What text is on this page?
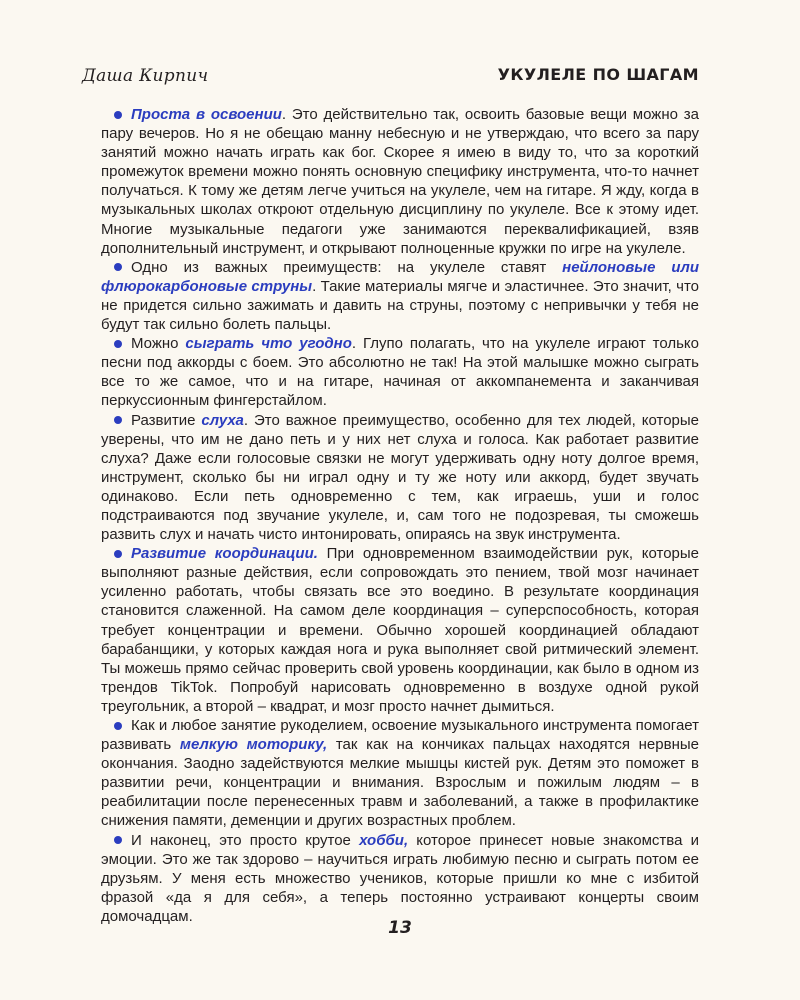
Даша Кирпич	УКУЛЕЛЕ ПО ШАГАМ

Проста в освоении. Это действительно так, освоить базовые вещи можно за пару вечеров. Но я не обещаю манну небесную и не утверждаю, что всего за пару занятий можно начать играть как бог. Скорее я имею в виду то, что за короткий промежуток времени можно понять основную специфику инструмента, что-то начнет получаться. К тому же детям легче учиться на укулеле, чем на гитаре. Я жду, когда в музыкальных школах откроют отдельную дисциплину по укулеле. Все к этому идет. Многие музыкальные педагоги уже занимаются переквалификацией, взяв дополнительный инструмент, и открывают полноценные кружки по игре на укулеле.

Одно из важных преимуществ: на укулеле ставят нейлоновые или флюрокарбоновые струны. Такие материалы мягче и эластичнее. Это значит, что не придется сильно зажимать и давить на струны, поэтому с непривычки у тебя не будут так сильно болеть пальцы.

Можно сыграть что угодно. Глупо полагать, что на укулеле играют только песни под аккорды с боем. Это абсолютно не так! На этой малышке можно сыграть все то же самое, что и на гитаре, начиная от аккомпанемента и заканчивая перкуссионным фингерстайлом.

Развитие слуха. Это важное преимущество, особенно для тех людей, которые уверены, что им не дано петь и у них нет слуха и голоса. Как работает развитие слуха? Даже если голосовые связки не могут удерживать одну ноту долгое время, инструмент, сколько бы ни играл одну и ту же ноту или аккорд, будет звучать одинаково. Если петь одновременно с тем, как играешь, уши и голос подстраиваются под звучание укулеле, и, сам того не подозревая, ты сможешь развить слух и начать чисто интонировать, опираясь на звук инструмента.

Развитие координации. При одновременном взаимодействии рук, которые выполняют разные действия, если сопровождать это пением, твой мозг начинает усиленно работать, чтобы связать все это воедино. В результате координация становится слаженной. На самом деле координация – суперспособность, которая требует концентрации и времени. Обычно хорошей координацией обладают барабанщики, у которых каждая нога и рука выполняет свой ритмический элемент. Ты можешь прямо сейчас проверить свой уровень координации, как было в одном из трендов TikTok. Попробуй нарисовать одновременно в воздухе одной рукой треугольник, а второй – квадрат, и мозг просто начнет дымиться.

Как и любое занятие рукоделием, освоение музыкального инструмента помогает развивать мелкую моторику, так как на кончиках пальцах находятся нервные окончания. Заодно задействуются мелкие мышцы кистей рук. Детям это поможет в развитии речи, концентрации и внимания. Взрослым и пожилым людям – в реабилитации после перенесенных травм и заболеваний, а также в профилактике снижения памяти, деменции и других возрастных проблем.

И наконец, это просто крутое хобби, которое принесет новые знакомства и эмоции. Это же так здорово – научиться играть любимую песню и сыграть потом ее друзьям. У меня есть множество учеников, которые пришли ко мне с избитой фразой «да я для себя», а теперь постоянно устраивают концерты своим домочадцам.

13
